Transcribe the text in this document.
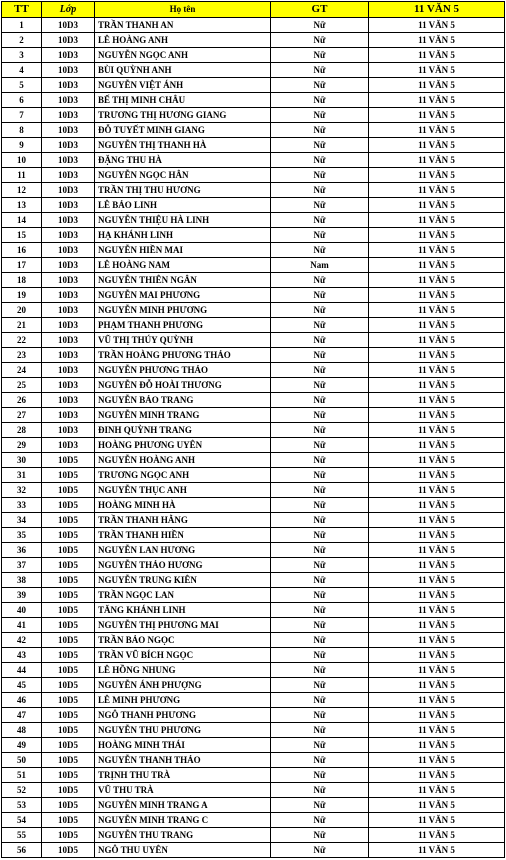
TT	Lớp	Họ tên	GT	11 VĂN 5
1	10D3	TRẦN THANH AN	Nữ	11 VĂN 5
2	10D3	LÊ HOÀNG ANH	Nữ	11 VĂN 5
3	10D3	NGUYỄN NGỌC ANH	Nữ	11 VĂN 5
4	10D3	BÙI QUỲNH ANH	Nữ	11 VĂN 5
5	10D3	NGUYỄN VIỆT ÁNH	Nữ	11 VĂN 5
6	10D3	BẾ THỊ MINH CHÂU	Nữ	11 VĂN 5
7	10D3	TRƯƠNG THỊ HƯƠNG GIANG	Nữ	11 VĂN 5
8	10D3	ĐỖ TUYẾT MINH GIANG	Nữ	11 VĂN 5
9	10D3	NGUYỄN THỊ THANH HÀ	Nữ	11 VĂN 5
10	10D3	ĐẶNG THU HÀ	Nữ	11 VĂN 5
11	10D3	NGUYỄN NGỌC HÂN	Nữ	11 VĂN 5
12	10D3	TRẦN THỊ THU HƯƠNG	Nữ	11 VĂN 5
13	10D3	LÊ BẢO LINH	Nữ	11 VĂN 5
14	10D3	NGUYỄN THIỆU HÀ LINH	Nữ	11 VĂN 5
15	10D3	HẠ KHÁNH LINH	Nữ	11 VĂN 5
16	10D3	NGUYỄN HIỀN MAI	Nữ	11 VĂN 5
17	10D3	LÊ HOÀNG NAM	Nam	11 VĂN 5
18	10D3	NGUYỄN THIÊN NGÂN	Nữ	11 VĂN 5
19	10D3	NGUYỄN MAI PHƯƠNG	Nữ	11 VĂN 5
20	10D3	NGUYỄN MINH PHƯƠNG	Nữ	11 VĂN 5
21	10D3	PHẠM THANH PHƯƠNG	Nữ	11 VĂN 5
22	10D3	VŨ THỊ THÚY QUỲNH	Nữ	11 VĂN 5
23	10D3	TRẦN HOÀNG PHƯƠNG THẢO	Nữ	11 VĂN 5
24	10D3	NGUYỄN PHƯƠNG THẢO	Nữ	11 VĂN 5
25	10D3	NGUYỄN ĐỖ HOÀI THƯƠNG	Nữ	11 VĂN 5
26	10D3	NGUYỄN BẢO TRANG	Nữ	11 VĂN 5
27	10D3	NGUYỄN MINH TRANG	Nữ	11 VĂN 5
28	10D3	ĐINH QUỲNH TRANG	Nữ	11 VĂN 5
29	10D3	HOÀNG PHƯƠNG UYÊN	Nữ	11 VĂN 5
30	10D5	NGUYỄN HOÀNG ANH	Nữ	11 VĂN 5
31	10D5	TRƯƠNG NGỌC ANH	Nữ	11 VĂN 5
32	10D5	NGUYỄN THỤC ANH	Nữ	11 VĂN 5
33	10D5	HOÀNG MINH HÀ	Nữ	11 VĂN 5
34	10D5	TRẦN THANH HẰNG	Nữ	11 VĂN 5
35	10D5	TRẦN THANH HIỀN	Nữ	11 VĂN 5
36	10D5	NGUYỄN LAN HƯƠNG	Nữ	11 VĂN 5
37	10D5	NGUYỄN THẢO HƯƠNG	Nữ	11 VĂN 5
38	10D5	NGUYỄN TRUNG KIÊN	Nữ	11 VĂN 5
39	10D5	TRẦN NGỌC LAN	Nữ	11 VĂN 5
40	10D5	TĂNG KHÁNH LINH	Nữ	11 VĂN 5
41	10D5	NGUYỄN THỊ PHƯƠNG MAI	Nữ	11 VĂN 5
42	10D5	TRẦN BẢO NGỌC	Nữ	11 VĂN 5
43	10D5	TRẦN VŨ BÍCH NGỌC	Nữ	11 VĂN 5
44	10D5	LÊ HỒNG NHUNG	Nữ	11 VĂN 5
45	10D5	NGUYỄN ÁNH PHƯỢNG	Nữ	11 VĂN 5
46	10D5	LÊ MINH PHƯƠNG	Nữ	11 VĂN 5
47	10D5	NGÔ THANH PHƯƠNG	Nữ	11 VĂN 5
48	10D5	NGUYỄN THU PHƯƠNG	Nữ	11 VĂN 5
49	10D5	HOÀNG MINH THÁI	Nữ	11 VĂN 5
50	10D5	NGUYỄN THANH THẢO	Nữ	11 VĂN 5
51	10D5	TRỊNH THU TRÀ	Nữ	11 VĂN 5
52	10D5	VŨ THU TRÀ	Nữ	11 VĂN 5
53	10D5	NGUYỄN MINH TRANG A	Nữ	11 VĂN 5
54	10D5	NGUYỄN MINH TRANG C	Nữ	11 VĂN 5
55	10D5	NGUYỄN THU TRANG	Nữ	11 VĂN 5
56	10D5	NGÔ THU UYÊN	Nữ	11 VĂN 5
